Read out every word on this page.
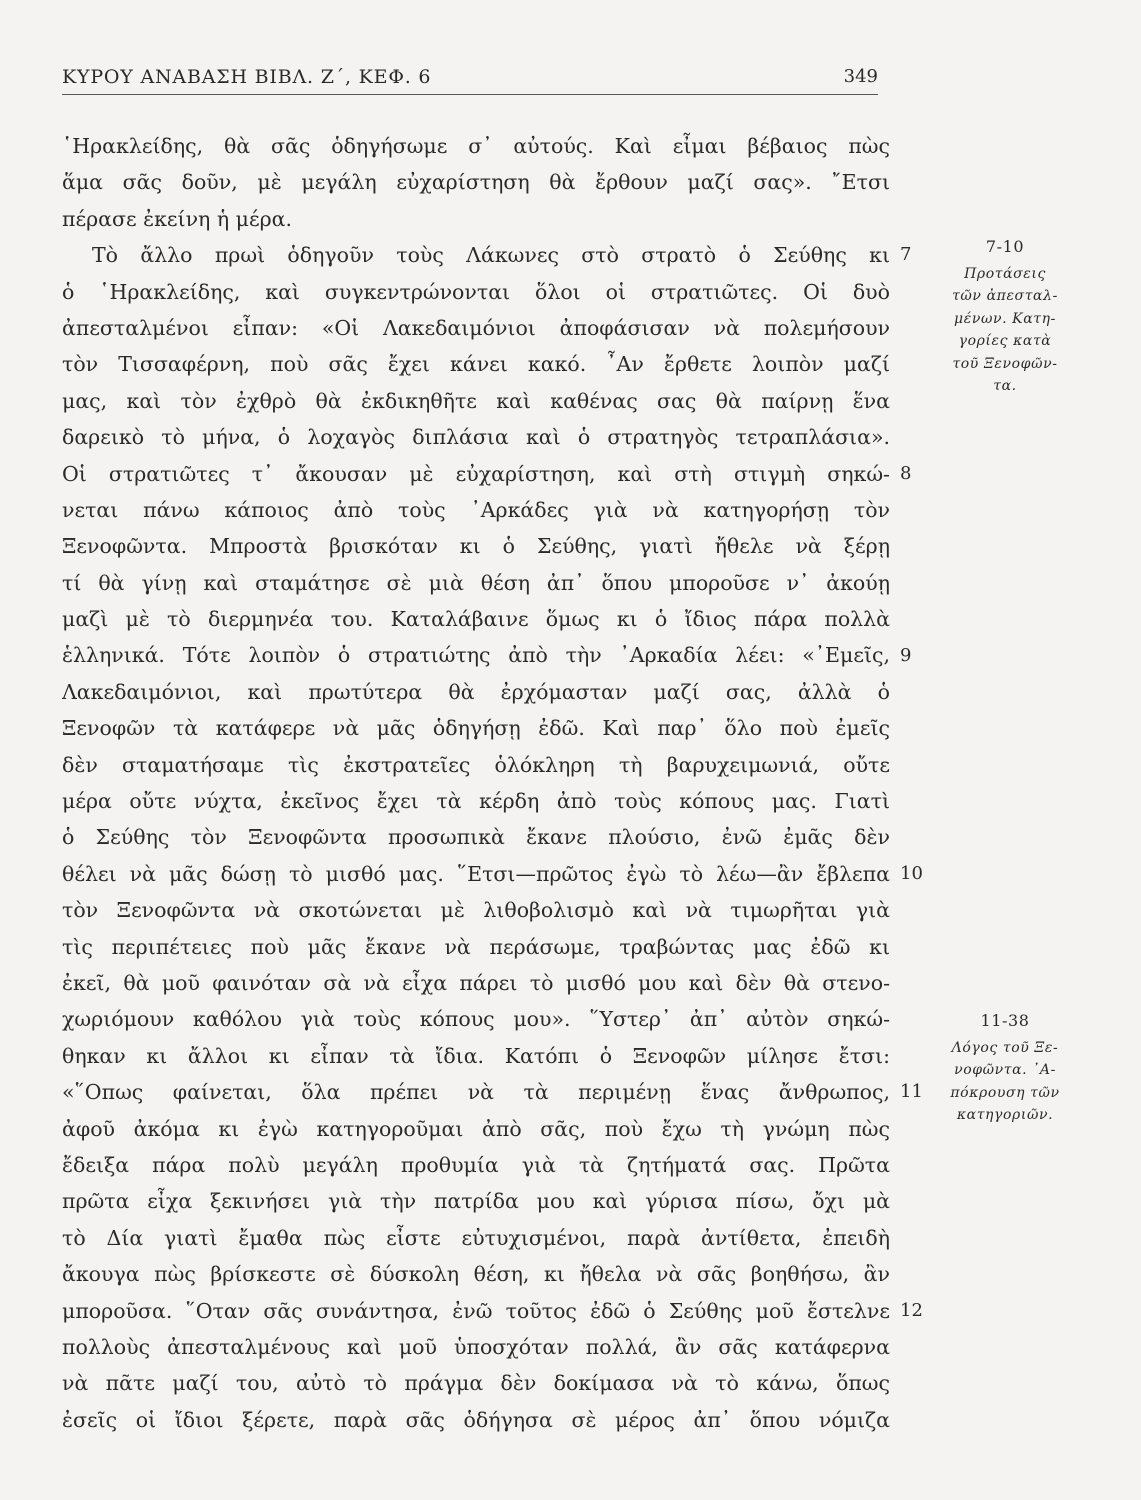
ΚΥΡΟΥ ΑΝΑΒΑΣΗ ΒΙΒΛ. Ζ΄, ΚΕΦ. 6	349
῾Ηρακλείδης, θὰ σᾶς ὁδηγήσωμε σ᾿ αὐτούς. Καὶ εἶμαι βέβαιος πὼς
ἅμα σᾶς δοῦν, μὲ μεγάλη εὐχαρίστηση θὰ ἔρθουν μαζί σας». ῎Ετσι
πέρασε ἐκείνη ἡ μέρα.
Τὸ ἄλλο πρωὶ ὁδηγοῦν τοὺς Λάκωνες στὸ στρατὸ ὁ Σεύθης κι
ὁ ῾Ηρακλείδης, καὶ συγκεντρώνονται ὅλοι οἱ στρατιῶτες. Οἱ δυὸ
ἀπεσταλμένοι εἶπαν: «Οἱ Λακεδαιμόνιοι ἀποφάσισαν νὰ πολεμήσουν
τὸν Τισσαφέρνη, ποὺ σᾶς ἔχει κάνει κακό. ῏Αν ἔρθετε λοιπὸν μαζί
μας, καὶ τὸν ἐχθρὸ θὰ ἐκδικηθῆτε καὶ καθένας σας θὰ παίρνῃ ἕνα
δαρεικὸ τὸ μήνα, ὁ λοχαγὸς διπλάσια καὶ ὁ στρατηγὸς τετραπλάσια».
Οἱ στρατιῶτες τ᾿ ἄκουσαν μὲ εὐχαρίστηση, καὶ στὴ στιγμὴ σηκώ-
νεται πάνω κάποιος ἀπὸ τοὺς ᾿Αρκάδες γιὰ νὰ κατηγορήσῃ τὸν
Ξενοφῶντα. Μπροστὰ βρισκόταν κι ὁ Σεύθης, γιατὶ ἤθελε νὰ ξέρῃ
τί θὰ γίνῃ καὶ σταμάτησε σὲ μιὰ θέση ἀπ᾿ ὅπου μποροῦσε ν᾿ ἀκούῃ
μαζὶ μὲ τὸ διερμηνέα του. Καταλάβαινε ὅμως κι ὁ ἴδιος πάρα πολλὰ
ἑλληνικά. Τότε λοιπὸν ὁ στρατιώτης ἀπὸ τὴν ᾿Αρκαδία λέει: «᾿Εμεῖς,
Λακεδαιμόνιοι, καὶ πρωτύτερα θὰ ἐρχόμασταν μαζί σας, ἀλλὰ ὁ
Ξενοφῶν τὰ κατάφερε νὰ μᾶς ὁδηγήσῃ ἐδῶ. Καὶ παρ᾿ ὅλο ποὺ ἐμεῖς
δὲν σταματήσαμε τὶς ἐκστρατεῖες ὁλόκληρη τὴ βαρυχειμωνιά, οὔτε
μέρα οὔτε νύχτα, ἐκεῖνος ἔχει τὰ κέρδη ἀπὸ τοὺς κόπους μας. Γιατὶ
ὁ Σεύθης τὸν Ξενοφῶντα προσωπικὰ ἔκανε πλούσιο, ἐνῶ ἐμᾶς δὲν
θέλει νὰ μᾶς δώσῃ τὸ μισθό μας. ῞Ετσι—πρῶτος ἐγὼ τὸ λέω—ἂν ἔβλεπα
τὸν Ξενοφῶντα νὰ σκοτώνεται μὲ λιθοβολισμὸ καὶ νὰ τιμωρῆται γιὰ
τὶς περιπέτειες ποὺ μᾶς ἔκανε νὰ περάσωμε, τραβώντας μας ἐδῶ κι
ἐκεῖ, θὰ μοῦ φαινόταν σὰ νὰ εἶχα πάρει τὸ μισθό μου καὶ δὲν θὰ στενο-
χωριόμουν καθόλου γιὰ τοὺς κόπους μου». ῞Υστερ᾿ ἀπ᾿ αὐτὸν σηκώ-
θηκαν κι ἄλλοι κι εἶπαν τὰ ἴδια. Κατόπι ὁ Ξενοφῶν μίλησε ἔτσι:
«῞Οπως φαίνεται, ὅλα πρέπει νὰ τὰ περιμένῃ ἕνας ἄνθρωπος,
ἀφοῦ ἀκόμα κι ἐγὼ κατηγοροῦμαι ἀπὸ σᾶς, ποὺ ἔχω τὴ γνώμη πὼς
ἔδειξα πάρα πολὺ μεγάλη προθυμία γιὰ τὰ ζητήματά σας. Πρῶτα
πρῶτα εἶχα ξεκινήσει γιὰ τὴν πατρίδα μου καὶ γύρισα πίσω, ὄχι μὰ
τὸ Δία γιατὶ ἔμαθα πὼς εἶστε εὐτυχισμένοι, παρὰ ἀντίθετα, ἐπειδὴ
ἄκουγα πὼς βρίσκεστε σὲ δύσκολη θέση, κι ἤθελα νὰ σᾶς βοηθήσω, ἂν
μποροῦσα. ῞Οταν σᾶς συνάντησα, ἐνῶ τοῦτος ἐδῶ ὁ Σεύθης μοῦ ἔστελνε
πολλοὺς ἀπεσταλμένους καὶ μοῦ ὑποσχόταν πολλά, ἂν σᾶς κατάφερνα
νὰ πᾶτε μαζί του, αὐτὸ τὸ πράγμα δὲν δοκίμασα νὰ τὸ κάνω, ὅπως
ἐσεῖς οἱ ἴδιοι ξέρετε, παρὰ σᾶς ὁδήγησα σὲ μέρος ἀπ᾿ ὅπου νόμιζα
7
8
9
10
11
12
7-10
Προτάσεις
τῶν ἀπεσταλ-
μένων. Κατη-
γορίες κατὰ
τοῦ Ξενοφῶν-
τα.
11-38
Λόγος τοῦ Ξε-
νοφῶντα. ᾿Α-
πόκρουση τῶν
κατηγοριῶν.
